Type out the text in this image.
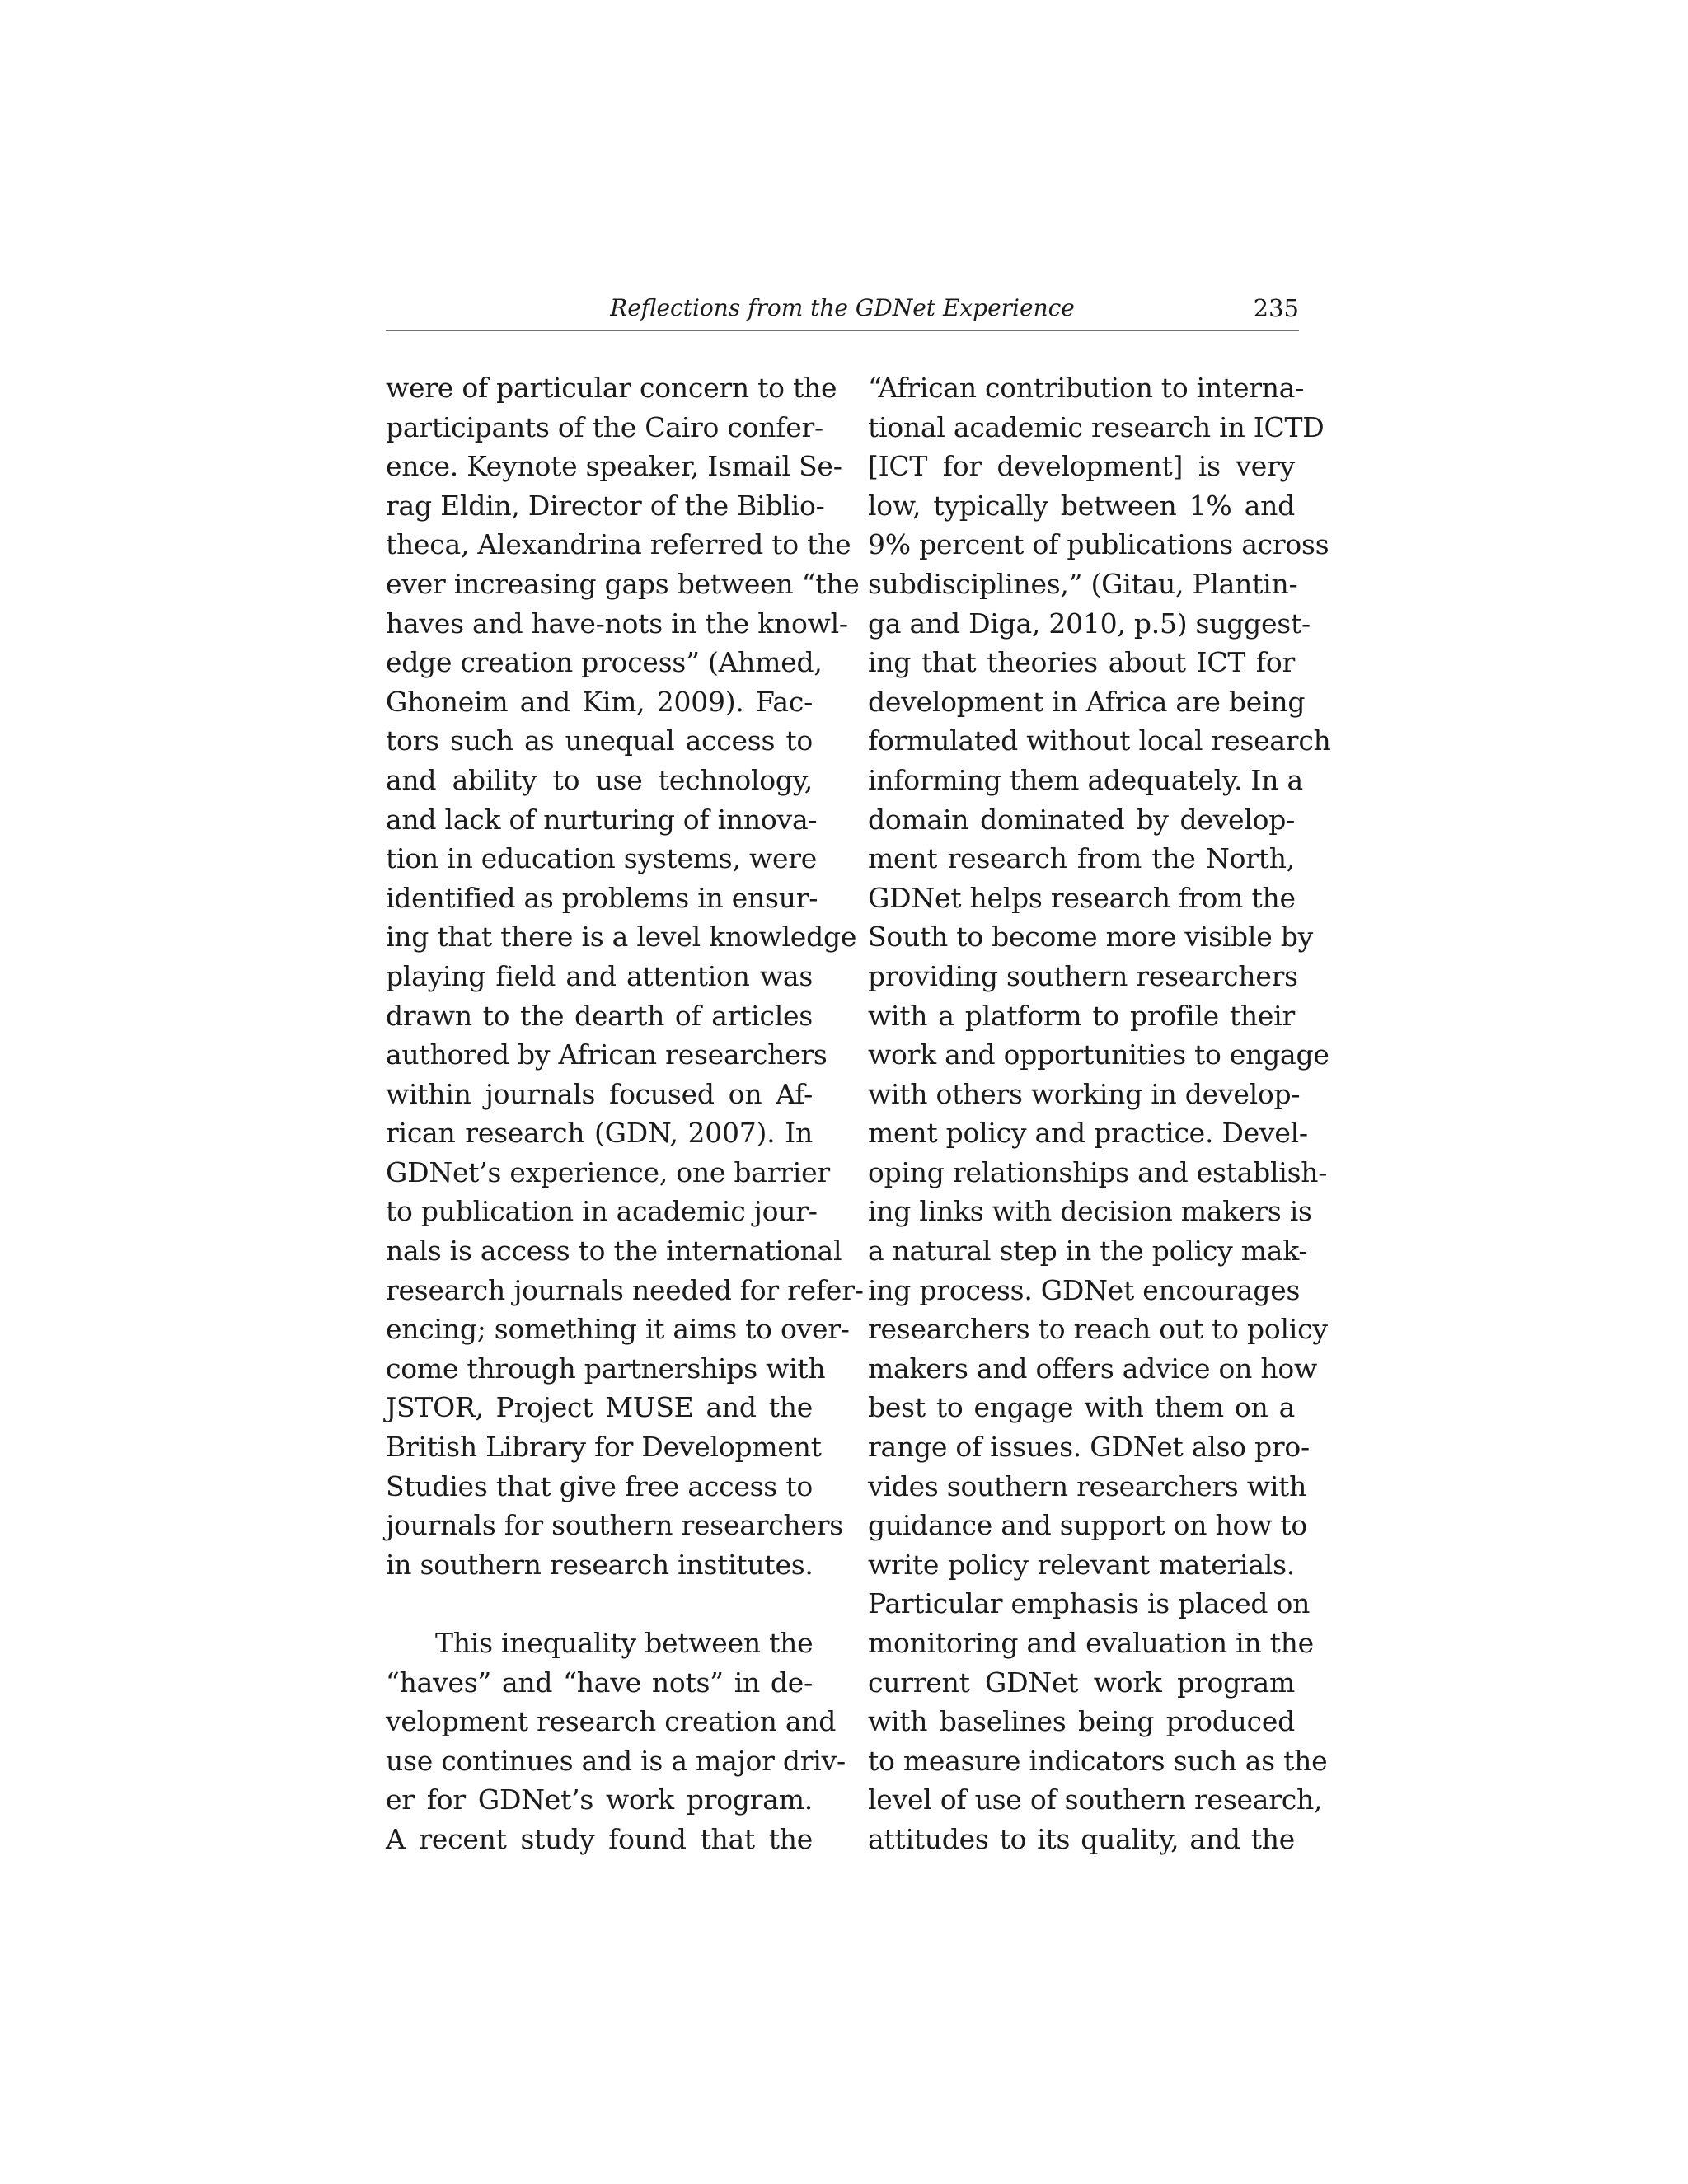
Reflections from the GDNet Experience	235
were of particular concern to the
participants of the Cairo confer-
ence. Keynote speaker, Ismail Se-
rag Eldin, Director of the Biblio-
theca, Alexandrina referred to the
ever increasing gaps between “the
haves and have-nots in the knowl-
edge creation process” (Ahmed,
Ghoneim and Kim, 2009). Fac-
tors such as unequal access to
and ability to use technology,
and lack of nurturing of innova-
tion in education systems, were
identified as problems in ensur-
ing that there is a level knowledge
playing field and attention was
drawn to the dearth of articles
authored by African researchers
within journals focused on Af-
rican research (GDN, 2007). In
GDNet’s experience, one barrier
to publication in academic jour-
nals is access to the international
research journals needed for refer-
encing; something it aims to over-
come through partnerships with
JSTOR, Project MUSE and the
British Library for Development
Studies that give free access to
journals for southern researchers
in southern research institutes.
This inequality between the
“haves” and “have nots” in de-
velopment research creation and
use continues and is a major driv-
er for GDNet’s work program.
A recent study found that the
“African contribution to interna-
tional academic research in ICTD
[ICT for development] is very
low, typically between 1% and
9% percent of publications across
subdisciplines,” (Gitau, Plantin-
ga and Diga, 2010, p.5) suggest-
ing that theories about ICT for
development in Africa are being
formulated without local research
informing them adequately. In a
domain dominated by develop-
ment research from the North,
GDNet helps research from the
South to become more visible by
providing southern researchers
with a platform to profile their
work and opportunities to engage
with others working in develop-
ment policy and practice. Devel-
oping relationships and establish-
ing links with decision makers is
a natural step in the policy mak-
ing process. GDNet encourages
researchers to reach out to policy
makers and offers advice on how
best to engage with them on a
range of issues. GDNet also pro-
vides southern researchers with
guidance and support on how to
write policy relevant materials.
Particular emphasis is placed on
monitoring and evaluation in the
current GDNet work program
with baselines being produced
to measure indicators such as the
level of use of southern research,
attitudes to its quality, and the
